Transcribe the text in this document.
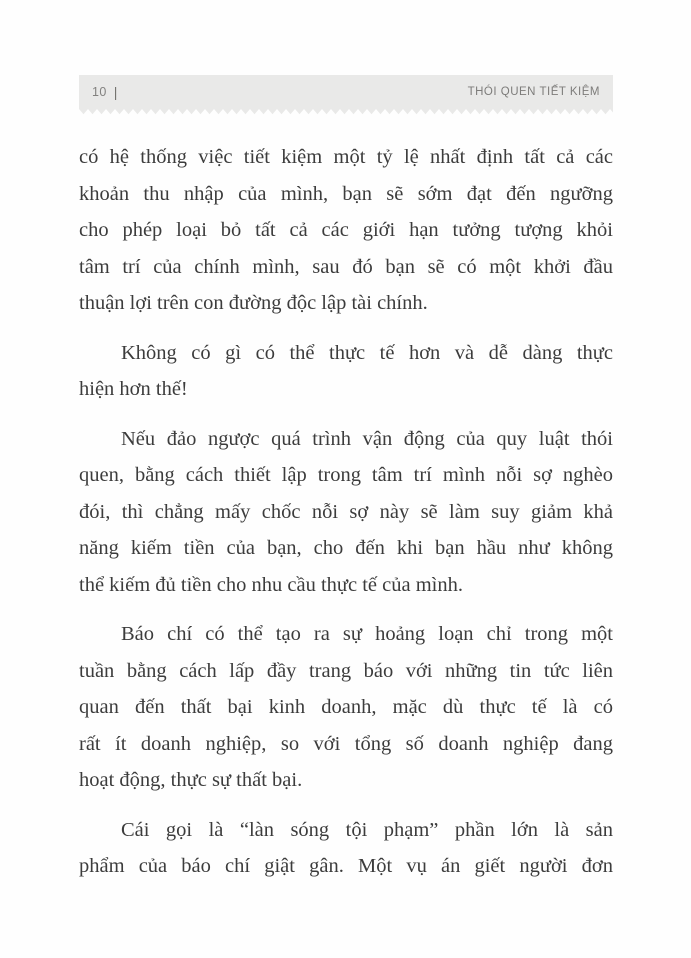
10 |	THÓI QUEN TIẾT KIỆM
có hệ thống việc tiết kiệm một tỷ lệ nhất định tất cả các
khoản thu nhập của mình, bạn sẽ sớm đạt đến ngưỡng
cho phép loại bỏ tất cả các giới hạn tưởng tượng khỏi
tâm trí của chính mình, sau đó bạn sẽ có một khởi đầu
thuận lợi trên con đường độc lập tài chính.
Không có gì có thể thực tế hơn và dễ dàng thực
hiện hơn thế!
Nếu đảo ngược quá trình vận động của quy luật thói
quen, bằng cách thiết lập trong tâm trí mình nỗi sợ nghèo
đói, thì chẳng mấy chốc nỗi sợ này sẽ làm suy giảm khả
năng kiếm tiền của bạn, cho đến khi bạn hầu như không
thể kiếm đủ tiền cho nhu cầu thực tế của mình.
Báo chí có thể tạo ra sự hoảng loạn chỉ trong một
tuần bằng cách lấp đầy trang báo với những tin tức liên
quan đến thất bại kinh doanh, mặc dù thực tế là có
rất ít doanh nghiệp, so với tổng số doanh nghiệp đang
hoạt động, thực sự thất bại.
Cái gọi là “làn sóng tội phạm” phần lớn là sản
phẩm của báo chí giật gân. Một vụ án giết người đơn
